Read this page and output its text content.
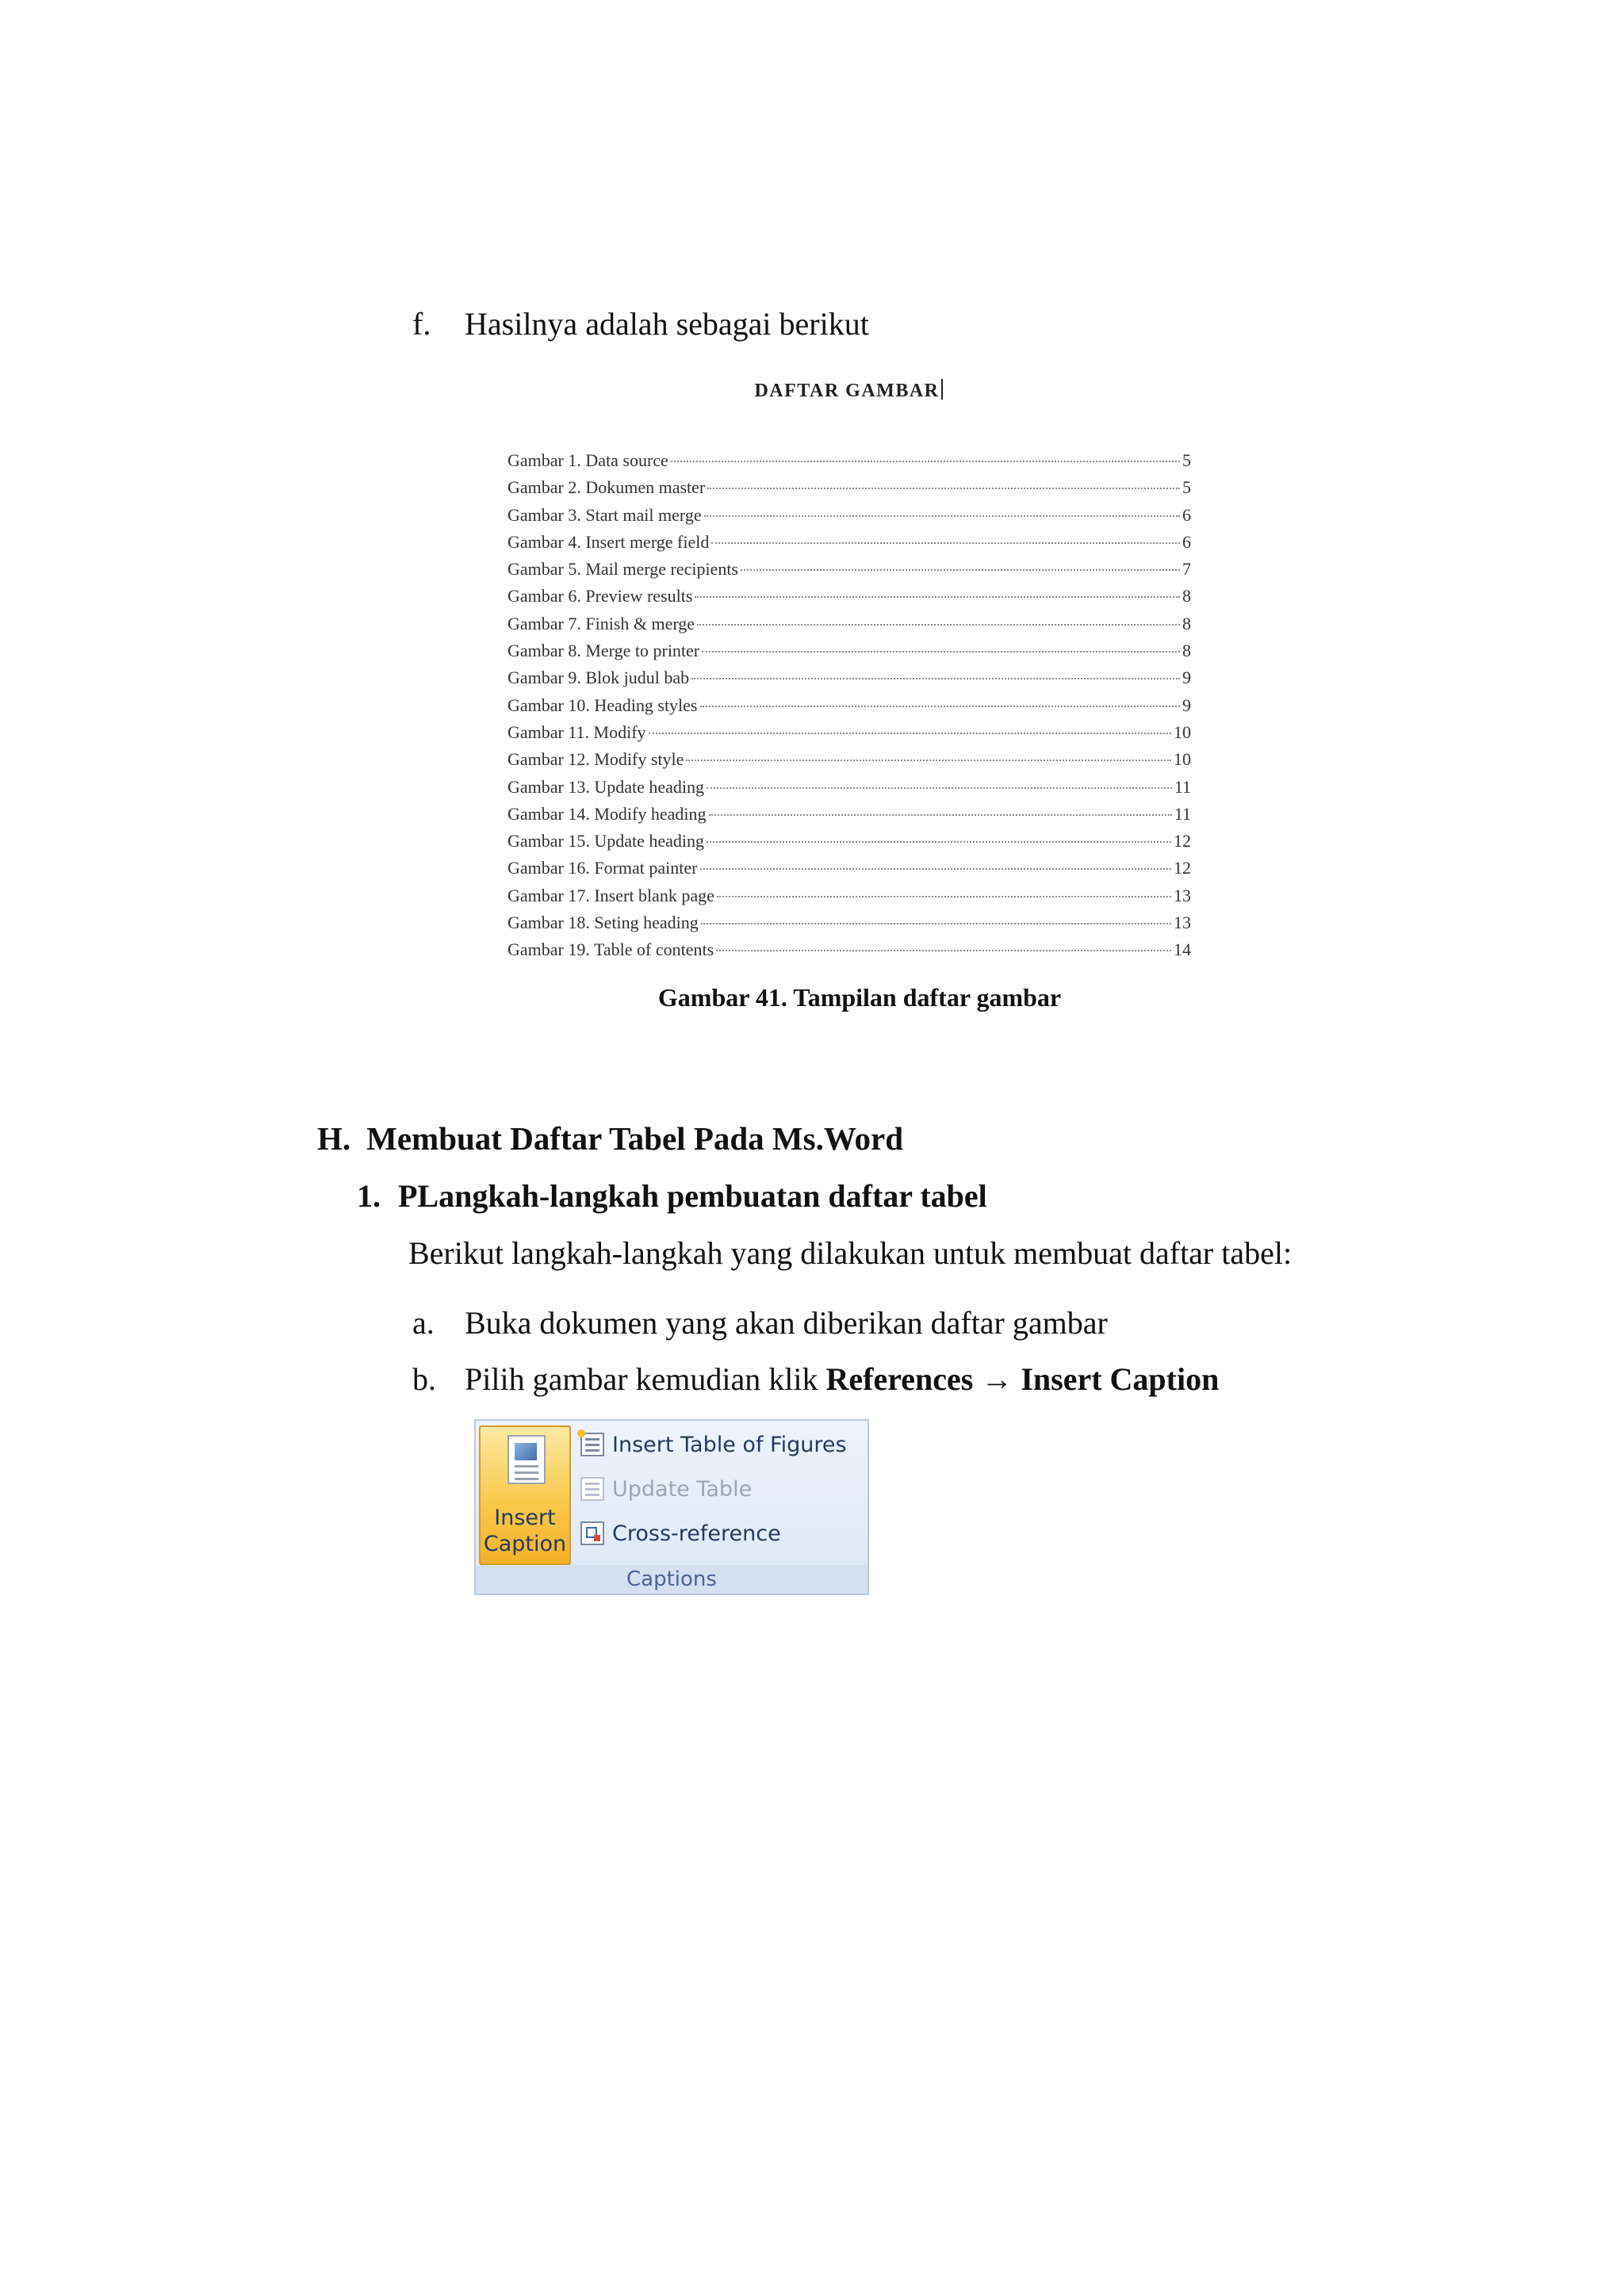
f. Hasilnya adalah sebagai berikut
DAFTAR GAMBAR
Gambar 1. Data source	5
Gambar 2. Dokumen master	5
Gambar 3. Start mail merge	6
Gambar 4. Insert merge field	6
Gambar 5. Mail merge recipients	7
Gambar 6. Preview results	8
Gambar 7. Finish & merge	8
Gambar 8. Merge to printer	8
Gambar 9. Blok judul bab	9
Gambar 10. Heading styles	9
Gambar 11. Modify	10
Gambar 12. Modify style	10
Gambar 13. Update heading	11
Gambar 14. Modify heading	11
Gambar 15. Update heading	12
Gambar 16. Format painter	12
Gambar 17. Insert blank page	13
Gambar 18. Seting heading	13
Gambar 19. Table of contents	14
Gambar 41. Tampilan daftar gambar
H. Membuat Daftar Tabel Pada Ms.Word
1. PLangkah-langkah pembuatan daftar tabel
Berikut langkah-langkah yang dilakukan untuk membuat daftar tabel:
a. Buka dokumen yang akan diberikan daftar gambar
b. Pilih gambar kemudian klik References → Insert Caption
Insert
Caption
Insert Table of Figures
Update Table
Cross-reference
Captions
